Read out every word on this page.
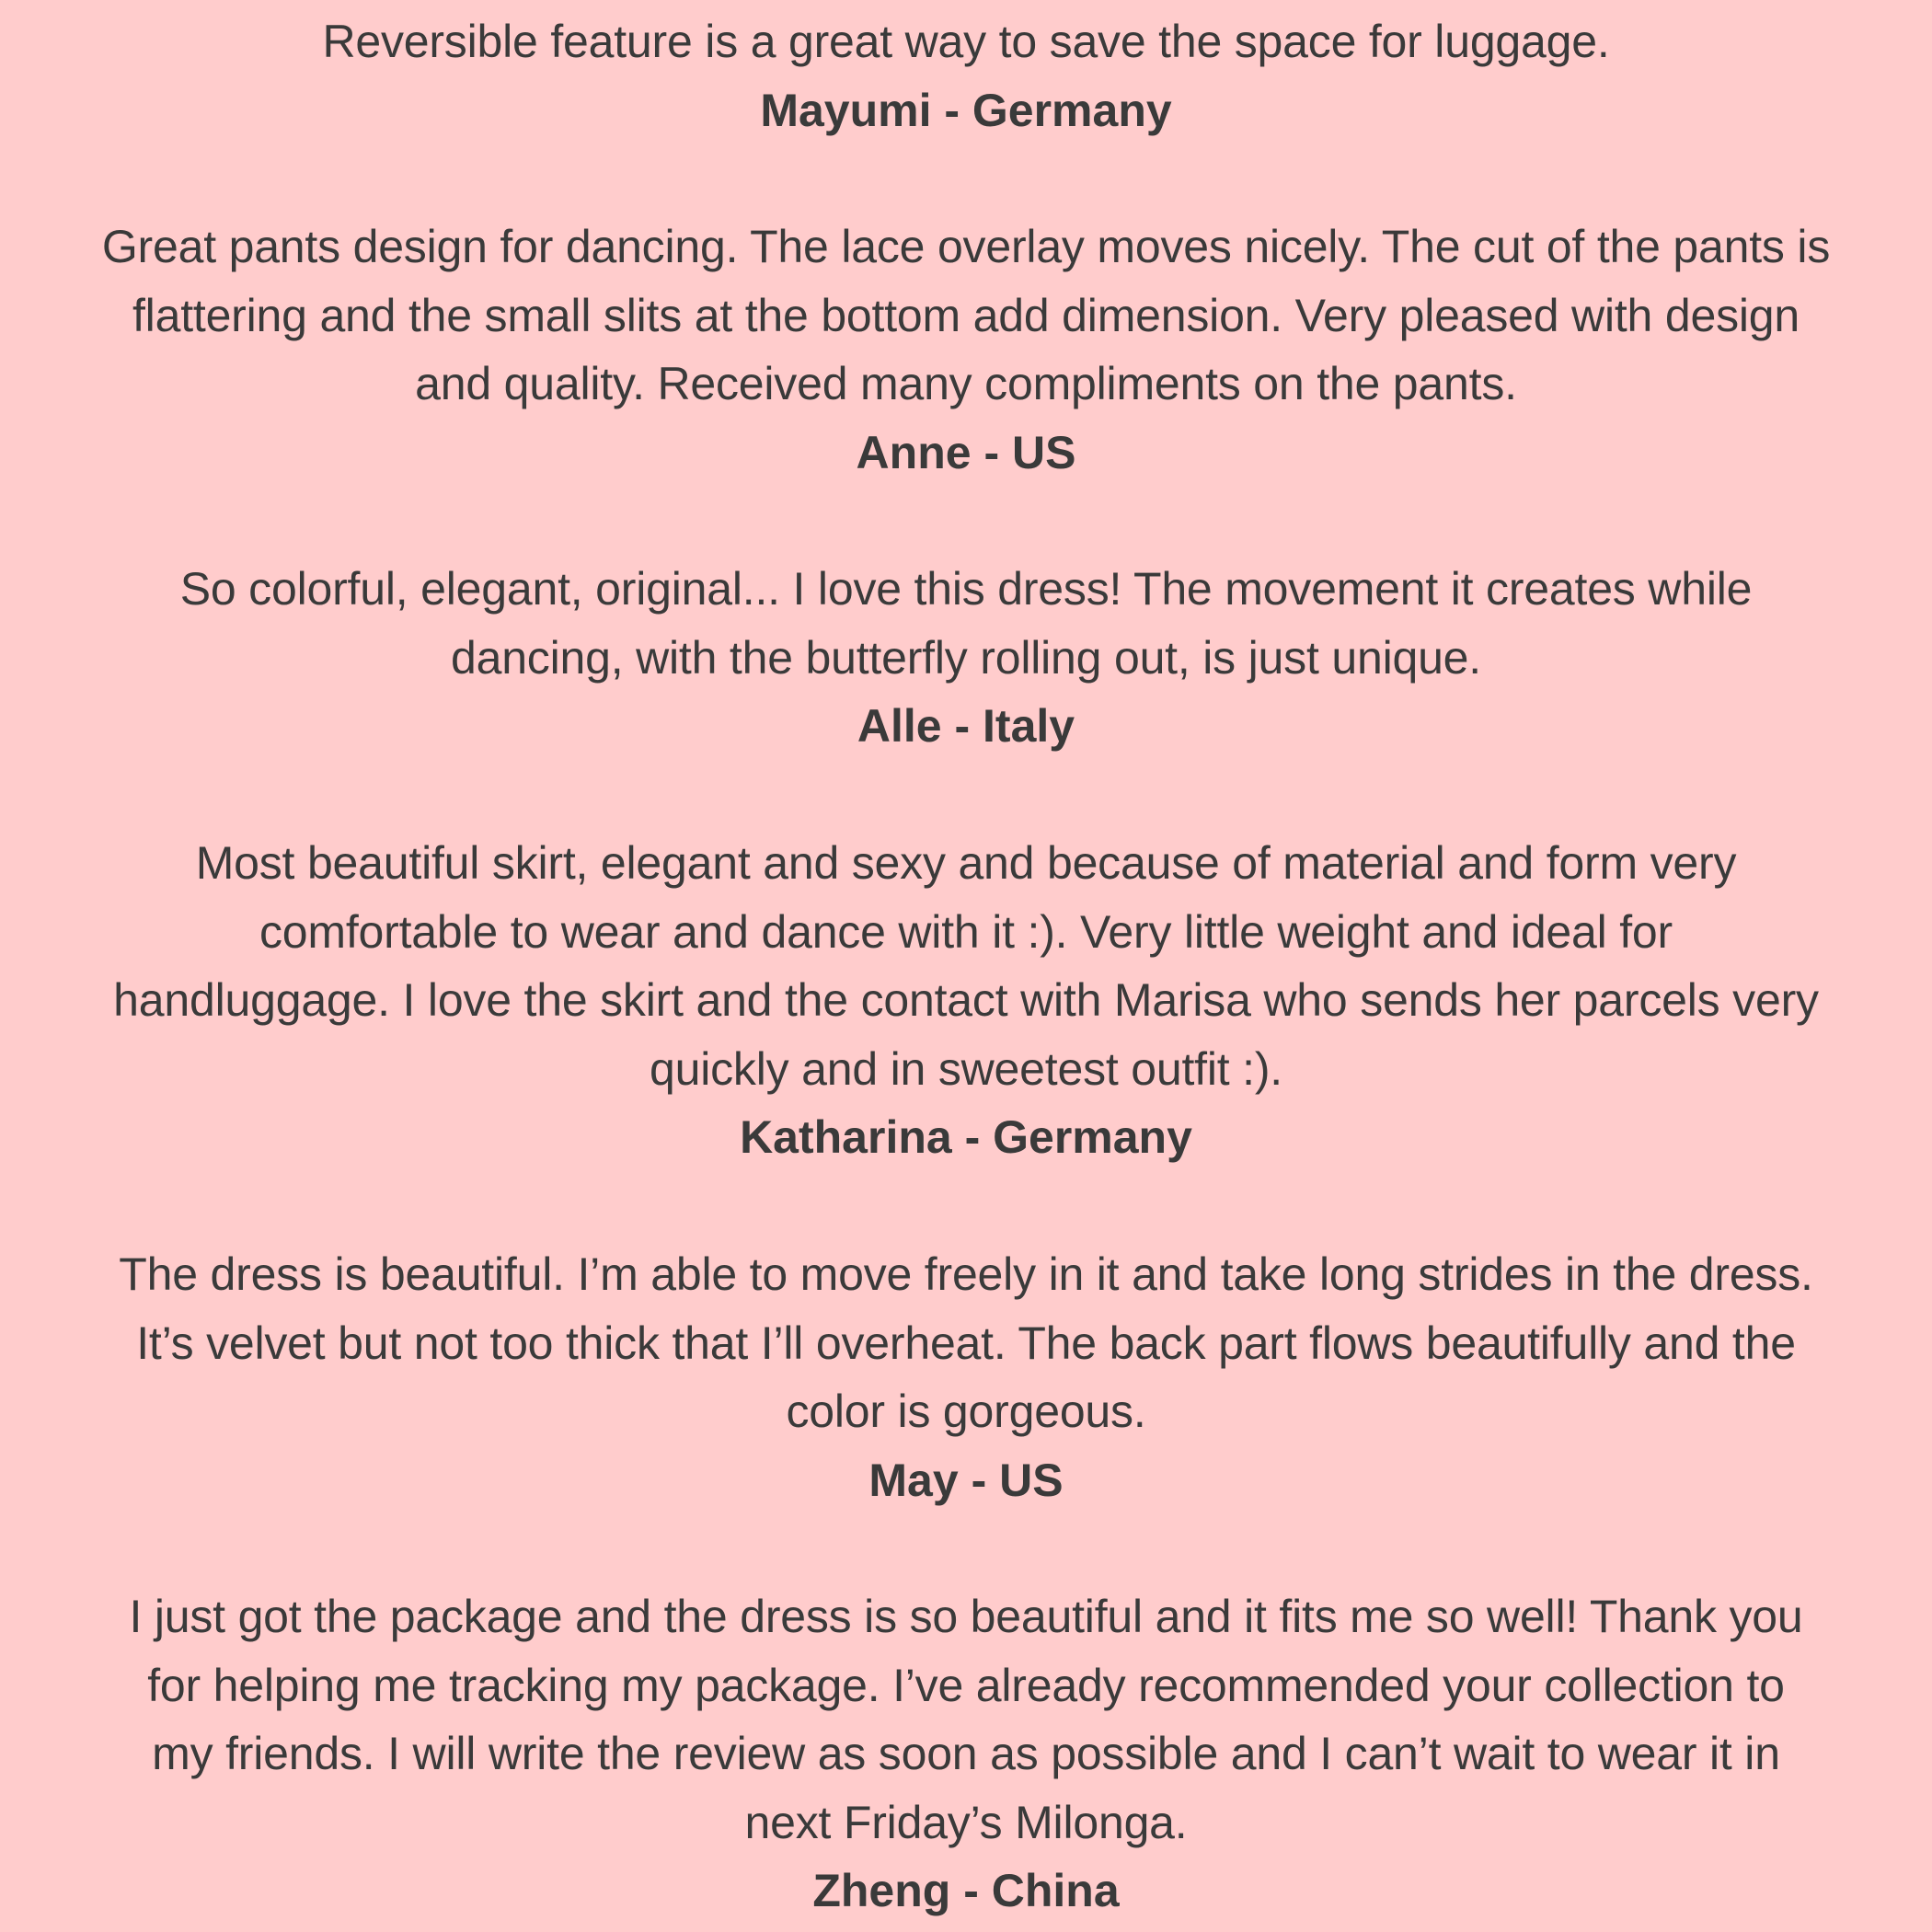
Reversible feature is a great way to save the space for luggage.

Mayumi - Germany

Great pants design for dancing. The lace overlay moves nicely. The cut of the pants is
flattering and the small slits at the bottom add dimension. Very pleased with design
and quality. Received many compliments on the pants.

Anne - US

So colorful, elegant, original... I love this dress! The movement it creates while
dancing, with the butterfly rolling out, is just unique.

Alle - Italy

Most beautiful skirt, elegant and sexy and because of material and form very
comfortable to wear and dance with it :). Very little weight and ideal for
handluggage. I love the skirt and the contact with Marisa who sends her parcels very
quickly and in sweetest outfit :).

Katharina - Germany

The dress is beautiful. I’m able to move freely in it and take long strides in the dress.
It’s velvet but not too thick that I’ll overheat. The back part flows beautifully and the
color is gorgeous.

May - US

I just got the package and the dress is so beautiful and it fits me so well! Thank you
for helping me tracking my package. I’ve already recommended your collection to
my friends. I will write the review as soon as possible and I can’t wait to wear it in
next Friday’s Milonga.

Zheng - China
